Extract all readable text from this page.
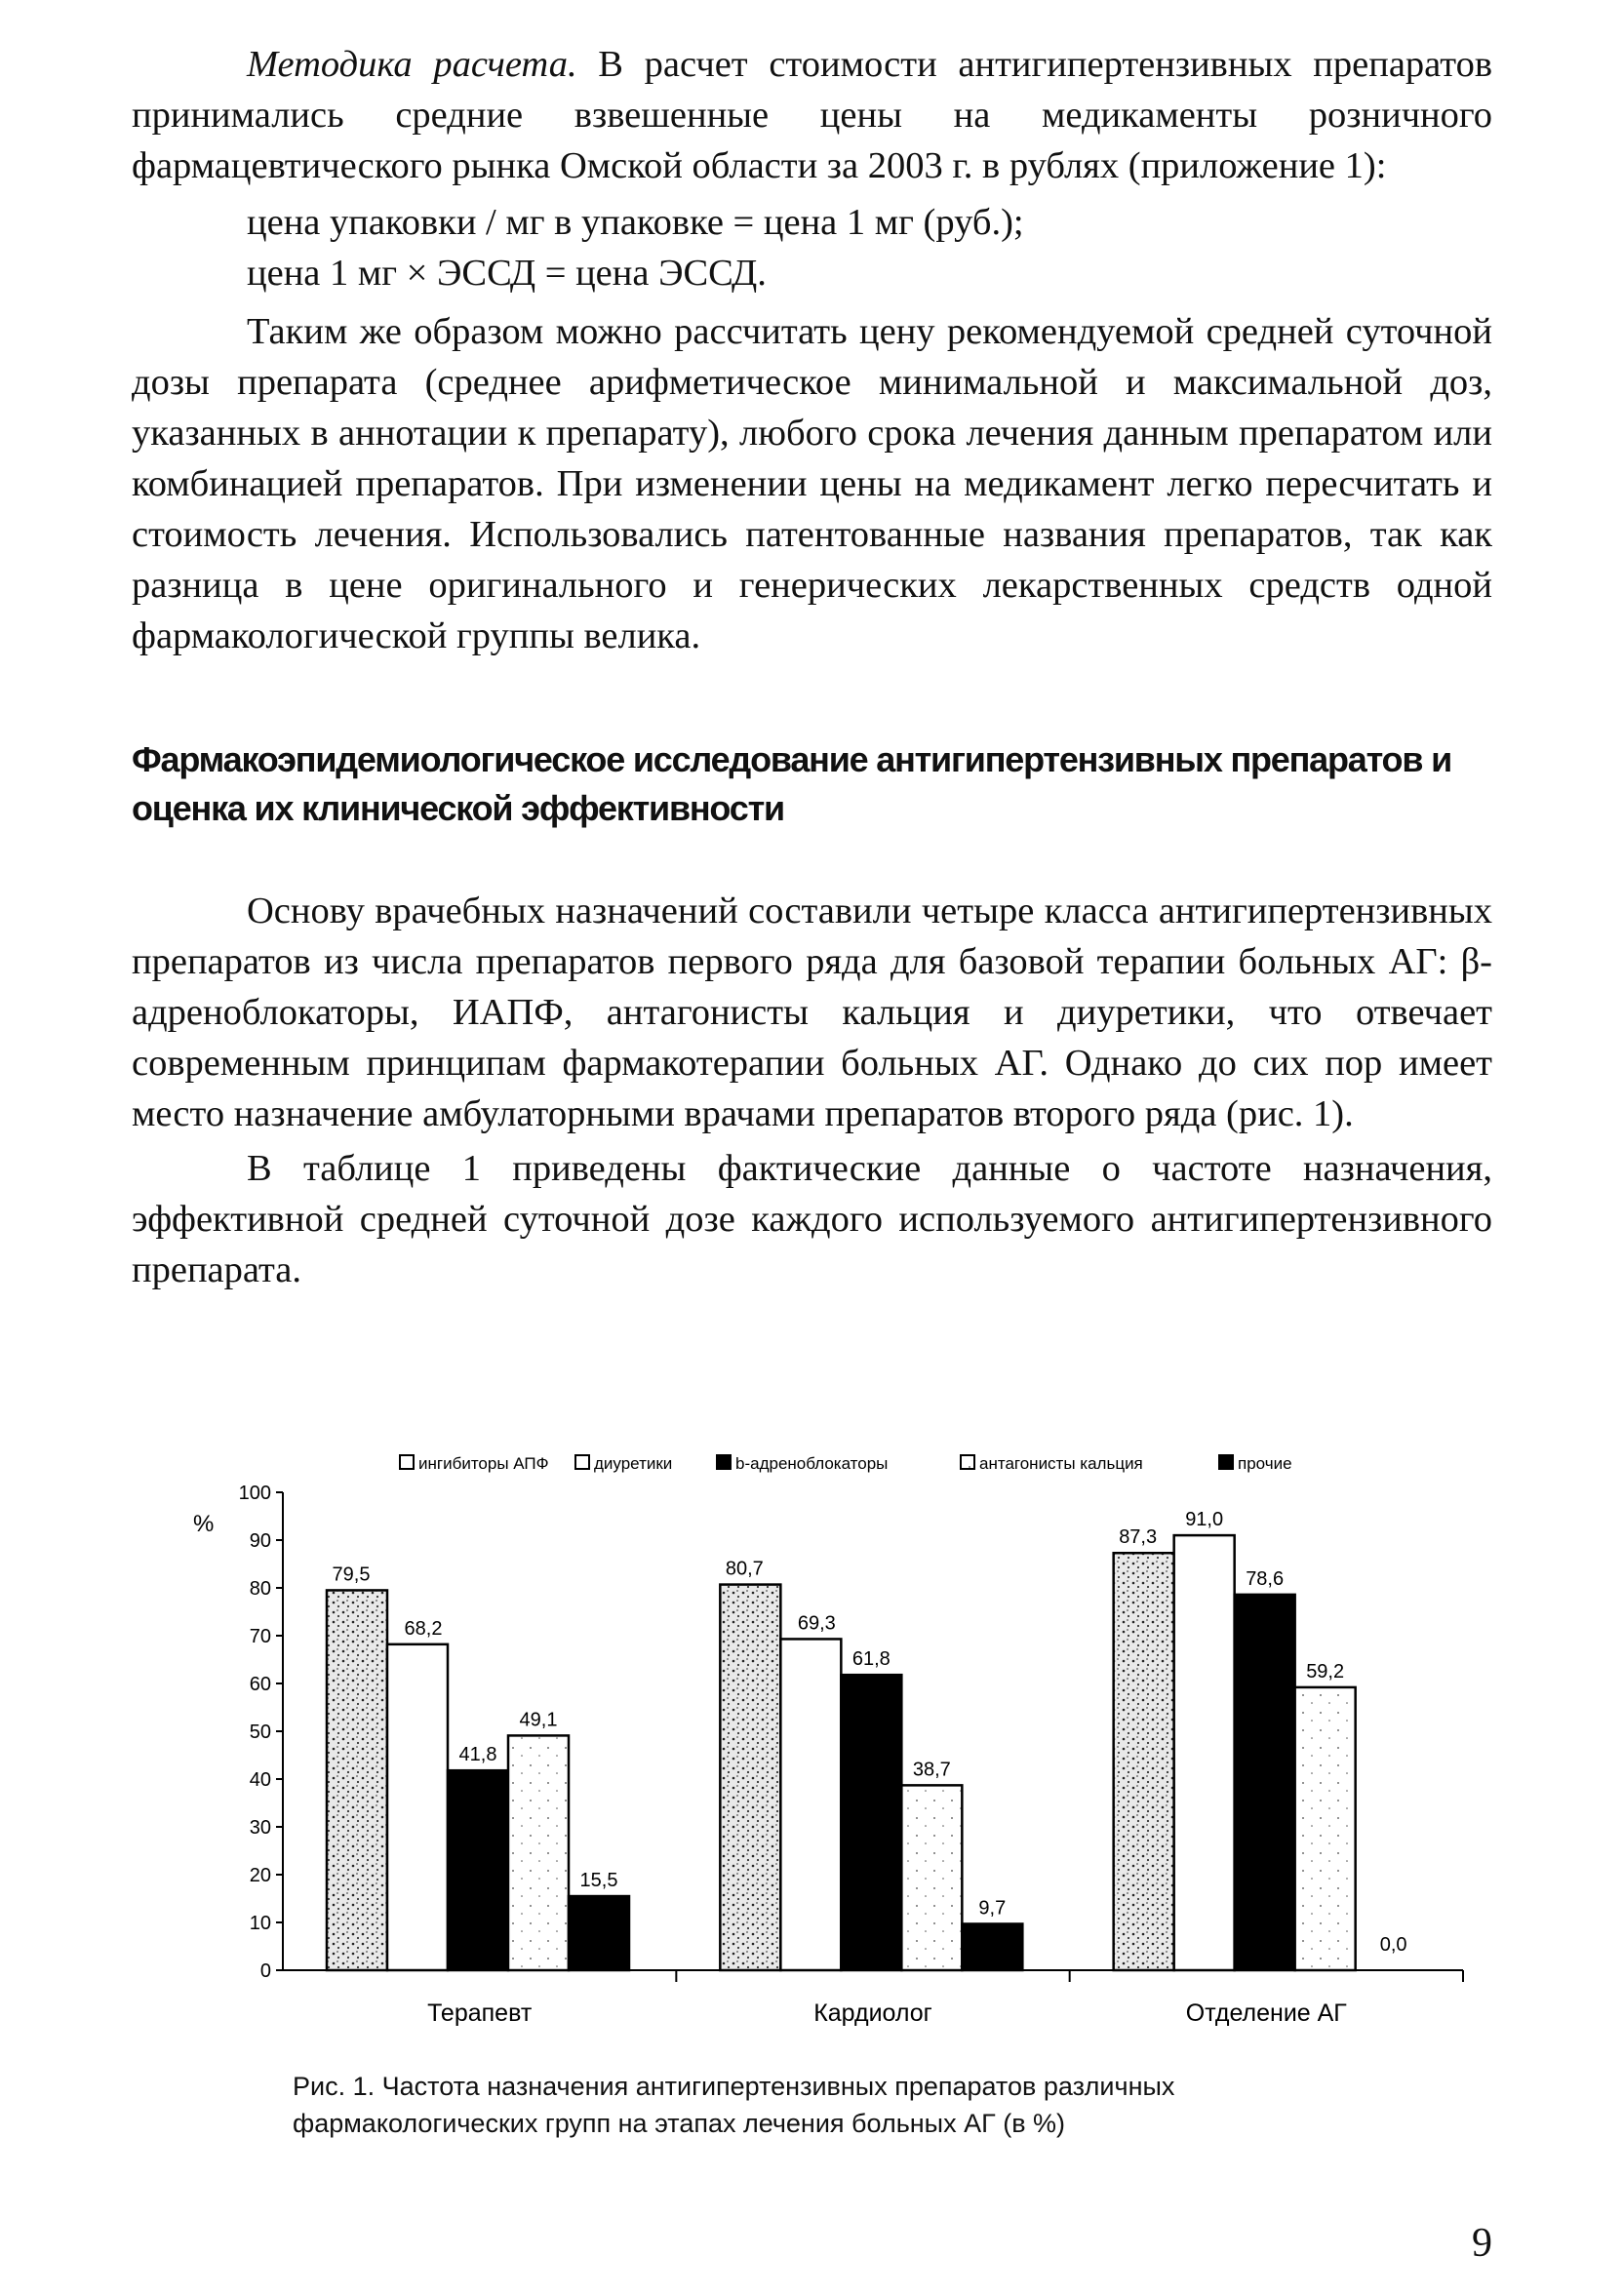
Методика расчета. В расчет стоимости антигипертензивных препаратов принимались средние взвешенные цены на медикаменты розничного фармацевтического рынка Омской области за 2003 г. в рублях (приложение 1):

цена упаковки / мг в упаковке = цена 1 мг (руб.);
цена 1 мг × ЭССД = цена ЭССД.

Таким же образом можно рассчитать цену рекомендуемой средней суточной дозы препарата (среднее арифметическое минимальной и максимальной доз, указанных в аннотации к препарату), любого срока лечения данным препаратом или комбинацией препаратов. При изменении цены на медикамент легко пересчитать и стоимость лечения. Использовались патентованные названия препаратов, так как разница в цене оригинального и генерических лекарственных средств одной фармакологической группы велика.

Фармакоэпидемиологическое исследование антигипертензивных препаратов и оценка их клинической эффективности

Основу врачебных назначений составили четыре класса антигипертензивных препаратов из числа препаратов первого ряда для базовой терапии больных АГ: β-адреноблокаторы, ИАПФ, антагонисты кальция и диуретики, что отвечает современным принципам фармакотерапии больных АГ. Однако до сих пор имеет место назначение амбулаторными врачами препаратов второго ряда (рис. 1).

В таблице 1 приведены фактические данные о частоте назначения, эффективной средней суточной дозе каждого используемого антигипертензивного препарата.

ингибиторы АПФ	диуретики	b-адреноблокаторы	антагонисты кальция	прочие
%
0
10
20
30
40
50
60
70
80
90
100
Терапевт	Кардиолог	Отделение АГ
79,5
68,2
41,8
49,1
15,5
80,7
69,3
61,8
38,7
9,7
87,3
91,0
78,6
59,2
0,0
Рис. 1. Частота назначения антигипертензивных препаратов различных фармакологических групп на этапах лечения больных АГ (в %)
9
